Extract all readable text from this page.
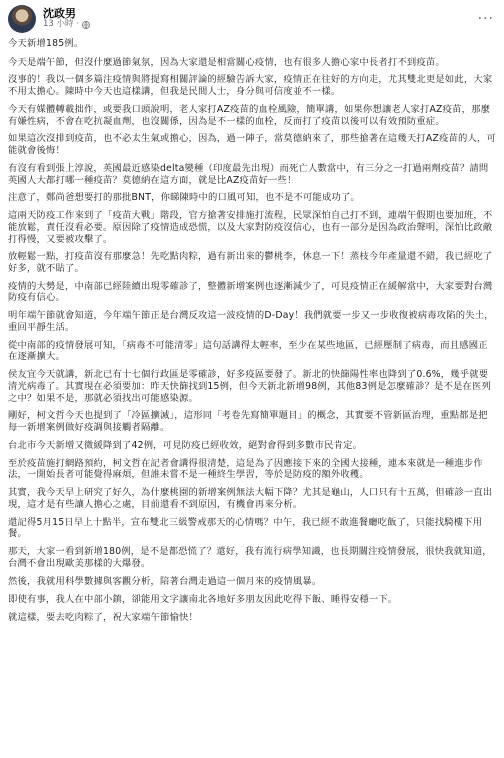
沈政男
13 小時 ·	···

今天新增185例。

今天是端午節，但沒什麼過節氣氛，因為大家還是相當關心疫情，也有很多人擔心家中長者打不到疫苗。

沒事的！我以一個多篇注疫情與將提寫相關評論的經驗告訴大家，疫情正在往好的方向走，尤其雙北更是如此，大家不用太擔心。陳時中今天也這樣講，但我是民間人士，身分與可信度並不一樣。

今天有媒體轉載拙作，或要我口頭說明，老人家打AZ疫苗的血栓風險，簡單講，如果你想讓老人家打AZ疫苗，那麼有嫌性病，不會在吃抗凝血劑，也沒關係，因為是不一樣的血栓，反而打了疫苗以後可以有效預防重症。

如果這次沒排到疫苗，也不必太生氣或擔心，因為，過一陣子，當莫德納來了，那些搶著在這幾天打AZ疫苗的人，可能就會後悔！

有沒有看到張上淳說，英國最近感染delta變種（印度最先出現）而死亡人數當中，有三分之一打過兩劑疫苗？請問英國人大都打哪一種疫苗？莫德納在這方面，就是比AZ疫苗好一些！

注意了，鄭尚爸想要打的那批BNT，你睇陳時中的口風可知，也不是不可能成功了。

這兩天防疫工作來到了「疫苗大戰」階段，官方搶著安排施打流程，民眾深怕自己打不到，連端午假期也要加班，不能放鬆，責任沒看必要。原因除了疫情造成恐慌，以及大家對防疫沒信心，也有一部分是因為政治聲明，深怕比政敵打得慢，又要被攻擊了。

放輕鬆一點，打疫苗沒有那麼急！先吃點肉粽，過有新出來的鬱桃李，休息一下！蒸枝今年產量還不錯，我已經吃了好多，就不貼了。

疫情的大勢是，中南部已經陸續出現零確診了，整體新增案例也逐漸減少了，可見疫情正在緩解當中，大家要對台灣防疫有信心。

明年端午節就會知道，今年端午節正是台灣反攻這一波疫情的D-Day！我們就要一步又一步收復被病毒攻陷的失土，重回平靜生活。

從中南部的疫情發展可知，「病毒不可能清零」這句話講得太輕率，至少在某些地區，已經壓制了病毒，而且感國正在逐漸擴大。

侯友宜今天就講，新北已有十七個行政區是零確診，好多疫區要發了。新北的快篩陽性率也降到了0.6%，幾乎就要清光病毒了。其實現在必須要加：昨天快篩找到15例，但今天新北新增98例，其他83例是怎麼確診？是不是在医列之中？如果不是，那就必須找出可能感染源。

剛好，柯文哲今天也提到了「冷區擴滅」，這形同「考卷先寫簡單題目」的概念，其實要不管新區治理，重點都是把每一新增案例做好疫調與接觸者隔離。

台北市今天新增又微緩降到了42例，可見防疫已經收效，絕對會得到多數市民肯定。

至於疫苗施打網路預約，柯文哲在記者會講得很清楚，這是為了因應接下來的全國大接種，連本來就是一種進步作法，一開始長者可能覺得麻煩，但誰未嘗不是一種終生學習，等於是防疫的額外收穫。

其實，我今天早上研究了好久，為什麼桃園的新增案例無法大幅下降？尤其是龜山，人口只有十五萬，但確診一直出現，這才是有些讓人擔心之處，目前還看不到原因，有機會再來分析。

還記得5月15日早上十點半，宣布雙北三級警戒那天的心情嗎？中午，我已經不敢進餐廳吃飯了，只能找騎樓下用餐。

那天，大家一看到新增180例，是不是都恐慌了？還好，我有流行病學知識，也長期關注疫情發展，很快我就知道，台灣不會出現歐美那樣的大爆發。

然後，我就用科學數據與客觀分析，陪著台灣走過這一個月來的疫情風暴。

即使有事，我人在中部小鎮，卻能用文字讓南北各地好多朋友因此吃得下飯、睡得安穩一下。

就這樣，要去吃肉粽了，祝大家端午節愉快！
